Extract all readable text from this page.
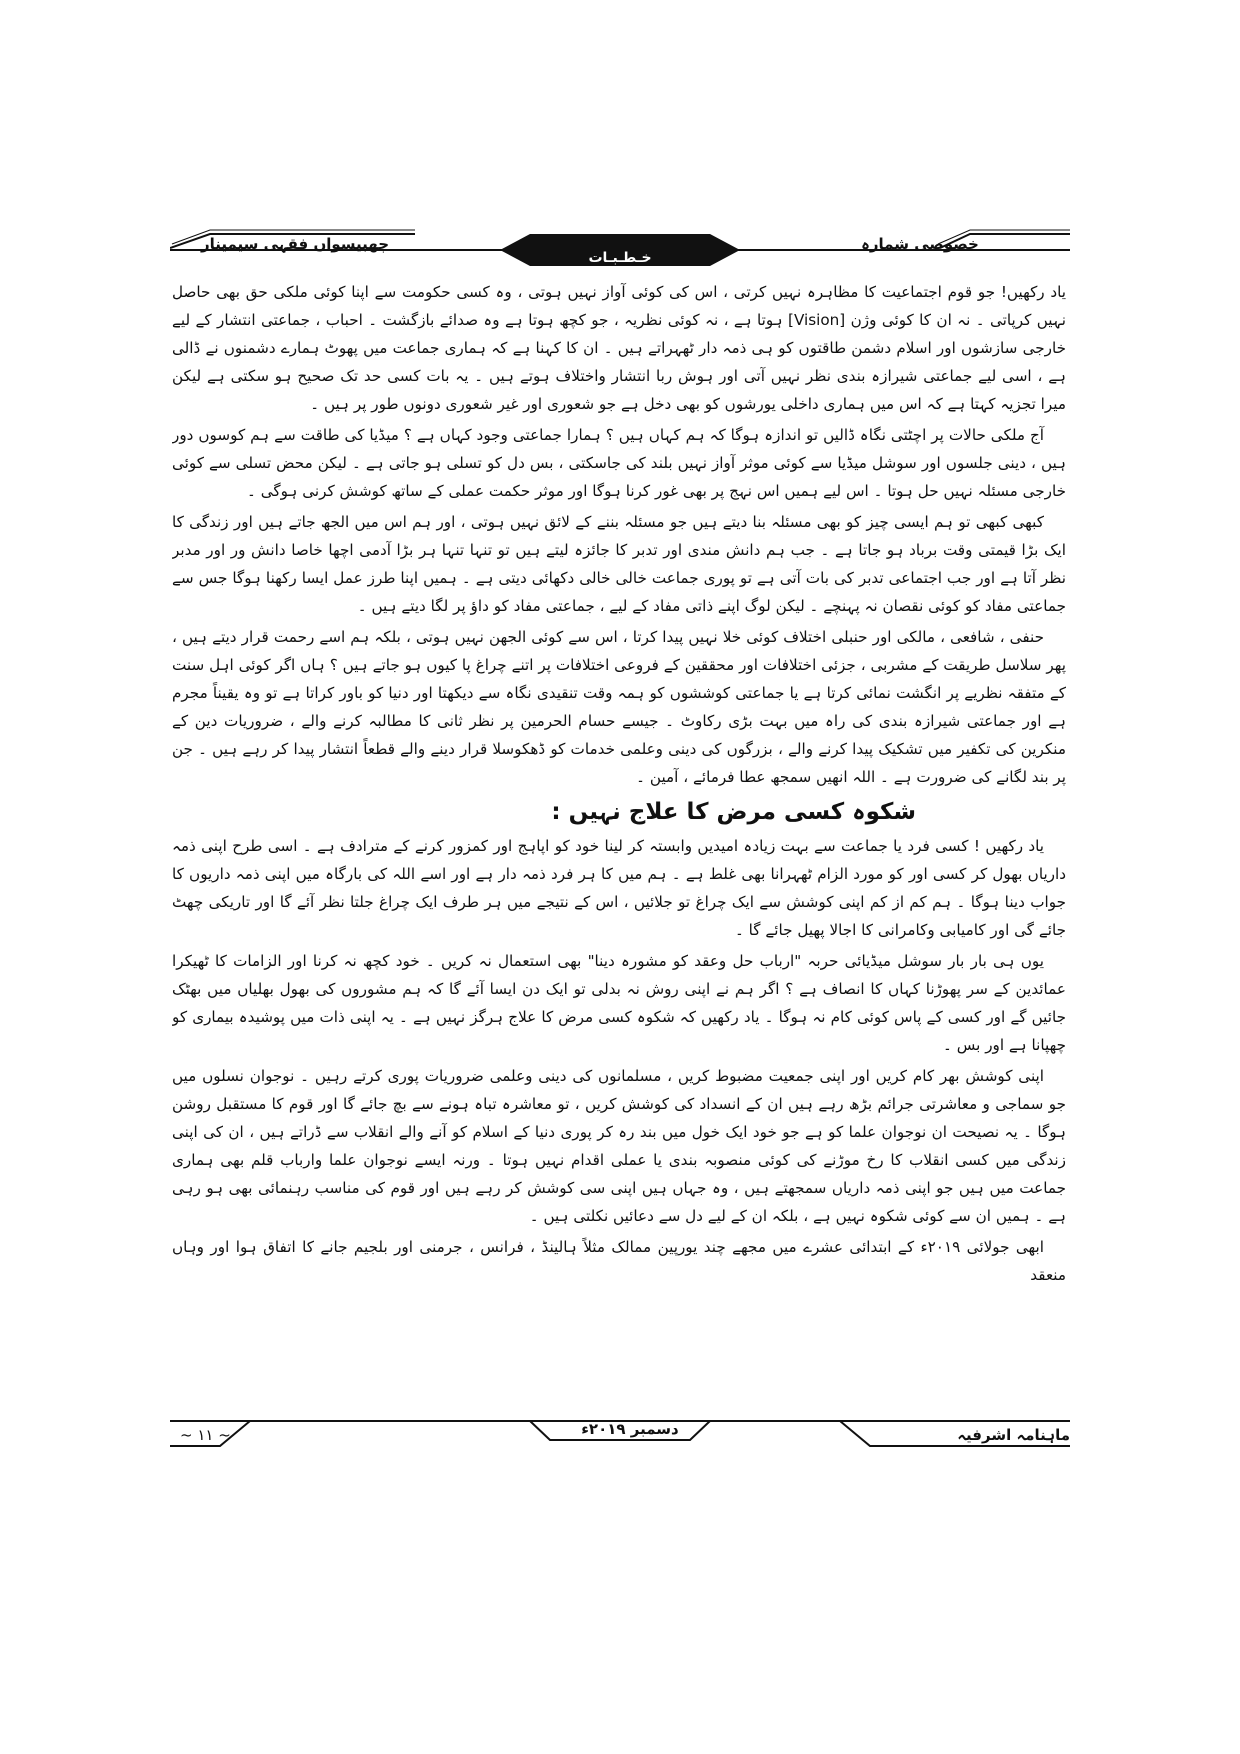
خصوصی شمارہ
چھبیسواں فقہی سیمینار
خـطـبـات

یاد رکھیں! جو قوم اجتماعیت کا مظاہرہ نہیں کرتی ، اس کی کوئی آواز نہیں ہوتی ، وہ کسی حکومت سے اپنا کوئی ملکی حق بھی حاصل نہیں کرپاتی ۔ نہ ان کا کوئی وژن [Vision] ہوتا ہے ، نہ کوئی نظریہ ، جو کچھ ہوتا ہے وہ صدائے بازگشت ۔ احباب ، جماعتی انتشار کے لیے خارجی سازشوں اور اسلام دشمن طاقتوں کو ہی ذمہ دار ٹھہراتے ہیں ۔ ان کا کہنا ہے کہ ہماری جماعت میں پھوٹ ہمارے دشمنوں نے ڈالی ہے ، اسی لیے جماعتی شیرازہ بندی نظر نہیں آتی اور ہوش ربا انتشار واختلاف ہوتے ہیں ۔ یہ بات کسی حد تک صحیح ہو سکتی ہے لیکن میرا تجزیہ کہتا ہے کہ اس میں ہماری داخلی یورشوں کو بھی دخل ہے جو شعوری اور غیر شعوری دونوں طور پر ہیں ۔

آج ملکی حالات پر اچٹتی نگاہ ڈالیں تو اندازہ ہوگا کہ ہم کہاں ہیں ؟ ہمارا جماعتی وجود کہاں ہے ؟ میڈیا کی طاقت سے ہم کوسوں دور ہیں ، دینی جلسوں اور سوشل میڈیا سے کوئی موثر آواز نہیں بلند کی جاسکتی ، بس دل کو تسلی ہو جاتی ہے ۔ لیکن محض تسلی سے کوئی خارجی مسئلہ نہیں حل ہوتا ۔ اس لیے ہمیں اس نہج پر بھی غور کرنا ہوگا اور موثر حکمت عملی کے ساتھ کوشش کرنی ہوگی ۔

کبھی کبھی تو ہم ایسی چیز کو بھی مسئلہ بنا دیتے ہیں جو مسئلہ بننے کے لائق نہیں ہوتی ، اور ہم اس میں الجھ جاتے ہیں اور زندگی کا ایک بڑا قیمتی وقت برباد ہو جاتا ہے ۔ جب ہم دانش مندی اور تدبر کا جائزہ لیتے ہیں تو تنہا تنہا ہر بڑا آدمی اچھا خاصا دانش ور اور مدبر نظر آتا ہے اور جب اجتماعی تدبر کی بات آتی ہے تو پوری جماعت خالی خالی دکھائی دیتی ہے ۔ ہمیں اپنا طرز عمل ایسا رکھنا ہوگا جس سے جماعتی مفاد کو کوئی نقصان نہ پہنچے ۔ لیکن لوگ اپنے ذاتی مفاد کے لیے ، جماعتی مفاد کو داؤ پر لگا دیتے ہیں ۔

حنفی ، شافعی ، مالکی اور حنبلی اختلاف کوئی خلا نہیں پیدا کرتا ، اس سے کوئی الجھن نہیں ہوتی ، بلکہ ہم اسے رحمت قرار دیتے ہیں ، پھر سلاسل طریقت کے مشربی ، جزئی اختلافات اور محققین کے فروعی اختلافات پر اتنے چراغ پا کیوں ہو جاتے ہیں ؟ ہاں اگر کوئی اہل سنت کے متفقہ نظریے پر انگشت نمائی کرتا ہے یا جماعتی کوششوں کو ہمہ وقت تنقیدی نگاہ سے دیکھتا اور دنیا کو باور کراتا ہے تو وہ یقیناً مجرم ہے اور جماعتی شیرازہ بندی کی راہ میں بہت بڑی رکاوٹ ۔ جیسے حسام الحرمین پر نظر ثانی کا مطالبہ کرنے والے ، ضروریات دین کے منکرین کی تکفیر میں تشکیک پیدا کرنے والے ، بزرگوں کی دینی وعلمی خدمات کو ڈھکوسلا قرار دینے والے قطعاً انتشار پیدا کر رہے ہیں ۔ جن پر بند لگانے کی ضرورت ہے ۔ اللہ انھیں سمجھ عطا فرمائے ، آمین ۔

شکوہ کسی مرض کا علاج نہیں :

یاد رکھیں ! کسی فرد یا جماعت سے بہت زیادہ امیدیں وابستہ کر لینا خود کو اپاہج اور کمزور کرنے کے مترادف ہے ۔ اسی طرح اپنی ذمہ داریاں بھول کر کسی اور کو مورد الزام ٹھہرانا بھی غلط ہے ۔ ہم میں کا ہر فرد ذمہ دار ہے اور اسے اللہ کی بارگاہ میں اپنی ذمہ داریوں کا جواب دینا ہوگا ۔ ہم کم از کم اپنی کوشش سے ایک چراغ تو جلائیں ، اس کے نتیجے میں ہر طرف ایک چراغ جلتا نظر آئے گا اور تاریکی چھٹ جائے گی اور کامیابی وکامرانی کا اجالا پھیل جائے گا ۔

یوں ہی بار بار سوشل میڈیائی حربہ "ارباب حل وعقد کو مشورہ دینا" بھی استعمال نہ کریں ۔ خود کچھ نہ کرنا اور الزامات کا ٹھیکرا عمائدین کے سر پھوڑنا کہاں کا انصاف ہے ؟ اگر ہم نے اپنی روش نہ بدلی تو ایک دن ایسا آئے گا کہ ہم مشوروں کی بھول بھلیاں میں بھٹک جائیں گے اور کسی کے پاس کوئی کام نہ ہوگا ۔ یاد رکھیں کہ شکوہ کسی مرض کا علاج ہرگز نہیں ہے ۔ یہ اپنی ذات میں پوشیدہ بیماری کو چھپانا ہے اور بس ۔

اپنی کوشش بھر کام کریں اور اپنی جمعیت مضبوط کریں ، مسلمانوں کی دینی وعلمی ضروریات پوری کرتے رہیں ۔ نوجوان نسلوں میں جو سماجی و معاشرتی جرائم بڑھ رہے ہیں ان کے انسداد کی کوشش کریں ، تو معاشرہ تباہ ہونے سے بچ جائے گا اور قوم کا مستقبل روشن ہوگا ۔ یہ نصیحت ان نوجوان علما کو ہے جو خود ایک خول میں بند رہ کر پوری دنیا کے اسلام کو آنے والے انقلاب سے ڈراتے ہیں ، ان کی اپنی زندگی میں کسی انقلاب کا رخ موڑنے کی کوئی منصوبہ بندی یا عملی اقدام نہیں ہوتا ۔ ورنہ ایسے نوجوان علما وارباب قلم بھی ہماری جماعت میں ہیں جو اپنی ذمہ داریاں سمجھتے ہیں ، وہ جہاں ہیں اپنی سی کوشش کر رہے ہیں اور قوم کی مناسب رہنمائی بھی ہو رہی ہے ۔ ہمیں ان سے کوئی شکوہ نہیں ہے ، بلکہ ان کے لیے دل سے دعائیں نکلتی ہیں ۔

ابھی جولائی ۲۰۱۹ء کے ابتدائی عشرے میں مجھے چند یورپین ممالک مثلاً ہالینڈ ، فرانس ، جرمنی اور بلجیم جانے کا اتفاق ہوا اور وہاں منعقد

ماہنامہ اشرفیہ
دسمبر ۲۰۱۹ء
~ ١١ ~
